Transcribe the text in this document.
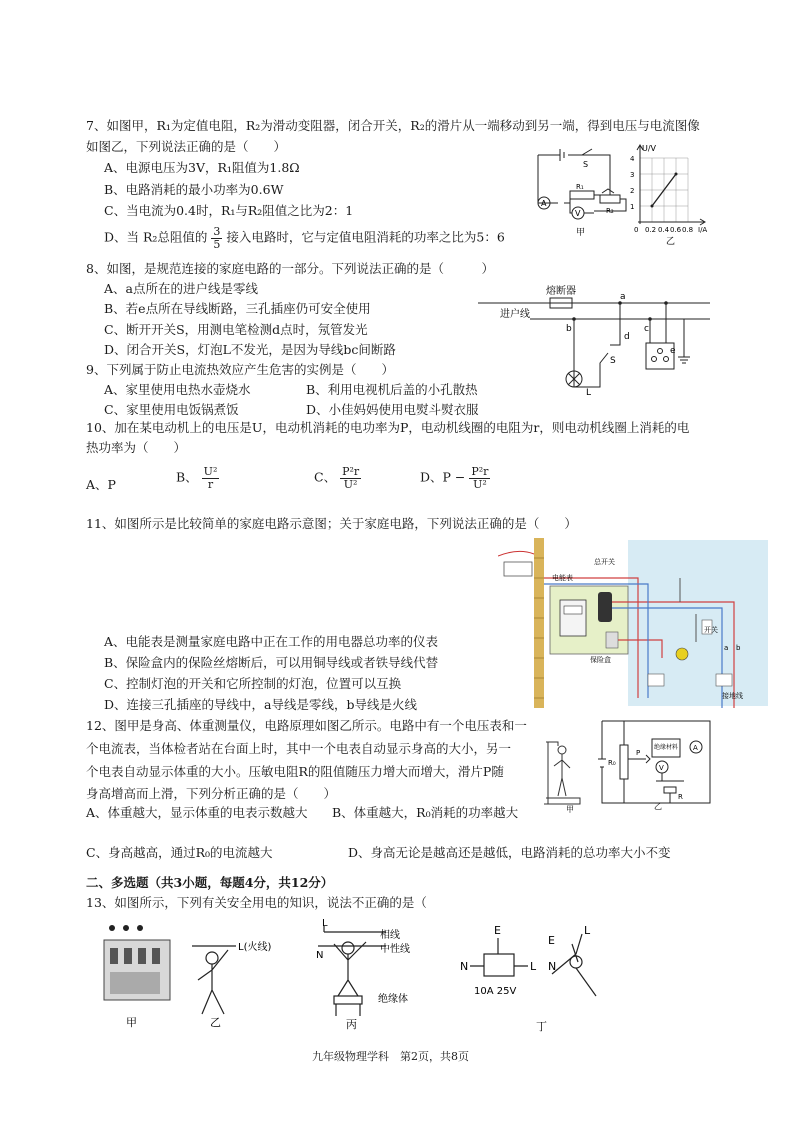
7、如图甲，R₁为定值电阻，R₂为滑动变阻器，闭合开关，R₂的滑片从一端移动到另一端，得到电压与电流图像
如图乙，下列说法正确的是（　　）
A、电源电压为3V，R₁阻值为1.8Ω
B、电路消耗的最小功率为0.6W
C、当电流为0.4时，R₁与R₂阻值之比为2：1
D、当 R₂总阻值的 $\frac{3}{5}$ 接入电路时，它与定值电阻消耗的功率之比为5：6
S
R₁
R₂
A
V
甲
U/V
1
2
3
4
0 0.2 0.4 0.6 0.8 I/A
乙
8、如图，是规范连接的家庭电路的一部分。下列说法正确的是（　　　）
A、a点所在的进户线是零线
B、若e点所在导线断路，三孔插座仍可安全使用
C、断开开关S，用测电笔检测d点时，氖管发光
D、闭合开关S，灯泡L不发光，是因为导线bc间断路
熔断器
进户线
a
b	c
d
e
S
L
9、下列属于防止电流热效应产生危害的实例是（　　）
A、家里使用电热水壶烧水	B、利用电视机后盖的小孔散热
C、家里使用电饭锅煮饭	D、小佳妈妈使用电熨斗熨衣服
10、加在某电动机上的电压是U，电动机消耗的电功率为P，电动机线圈的电阻为r，则电动机线圈上消耗的电
热功率为（　　）
A、P	B、 $\frac{\text{U²}}{r}$	C、 $\frac{\text{P²r}}{\text{U²}}$	D、$P - \frac{\text{P²r}}{\text{U²}}$
11、如图所示是比较简单的家庭电路示意图；关于家庭电路，下列说法正确的是（　　）
电能表
总开关
保险盒
开关
接地线
a b
A、电能表是测量家庭电路中正在工作的用电器总功率的仪表
B、保险盒内的保险丝熔断后，可以用铜导线或者铁导线代替
C、控制灯泡的开关和它所控制的灯泡，位置可以互换
D、连接三孔插座的导线中，a导线是零线，b导线是火线
12、图甲是身高、体重测量仪，电路原理如图乙所示。电路中有一个电压表和一
个电流表，当体检者站在台面上时，其中一个电表自动显示身高的大小，另一
个电表自动显示体重的大小。压敏电阻R的阻值随压力增大而增大，滑片P随
身高增高而上滑，下列分析正确的是（　　）
甲
R₀
P
绝缘材料
V
A
R
乙
A、体重越大，显示体重的电表示数越大 B、体重越大，R₀消耗的功率越大
C、身高越高，通过R₀的电流越大	D、身高无论是越高还是越低，电路消耗的总功率大小不变
二、多选题（共3小题，每题4分，共12分）
13、如图所示，下列有关安全用电的知识，说法不正确的是（
甲	乙
L(火线)
L
N
相线
中性线
绝缘体
丙
E
N	L
10A 25V
E
N
L
丁
九年级物理学科　第2页，共8页
